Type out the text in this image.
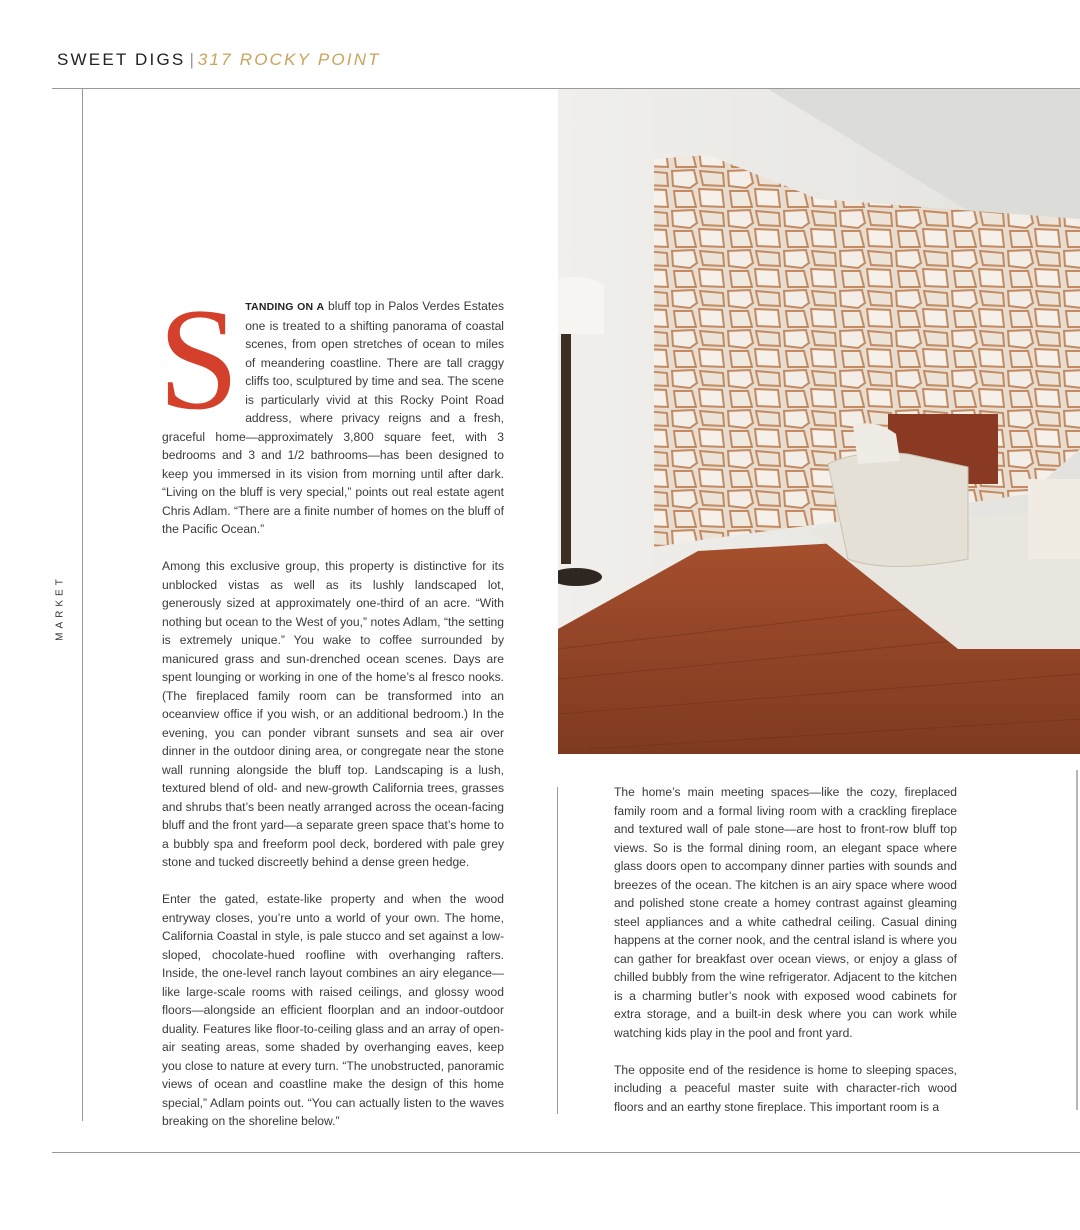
SWEET DIGS | 317 ROCKY POINT
MARKET

STANDING ON A bluff top in Palos Verdes Estates one is treated to a shifting panorama of coastal scenes, from open stretches of ocean to miles of meandering coastline. There are tall craggy cliffs too, sculptured by time and sea. The scene is particularly vivid at this Rocky Point Road address, where privacy reigns and a fresh, graceful home—approximately 3,800 square feet, with 3 bedrooms and 3 and 1/2 bathrooms—has been designed to keep you immersed in its vision from morning until after dark. “Living on the bluff is very special,” points out real estate agent Chris Adlam. “There are a finite number of homes on the bluff of the Pacific Ocean.”

Among this exclusive group, this property is distinctive for its unblocked vistas as well as its lushly landscaped lot, generously sized at approximately one-third of an acre. “With nothing but ocean to the West of you,” notes Adlam, “the setting is extremely unique.” You wake to coffee surrounded by manicured grass and sun-drenched ocean scenes. Days are spent lounging or working in one of the home’s al fresco nooks. (The fireplaced family room can be transformed into an oceanview office if you wish, or an additional bedroom.) In the evening, you can ponder vibrant sunsets and sea air over dinner in the outdoor dining area, or congregate near the stone wall running alongside the bluff top. Landscaping is a lush, textured blend of old- and new-growth California trees, grasses and shrubs that’s been neatly arranged across the ocean-facing bluff and the front yard—a separate green space that’s home to a bubbly spa and freeform pool deck, bordered with pale grey stone and tucked discreetly behind a dense green hedge.

Enter the gated, estate-like property and when the wood entryway closes, you’re unto a world of your own. The home, California Coastal in style, is pale stucco and set against a low-sloped, chocolate-hued roofline with overhanging rafters. Inside, the one-level ranch layout combines an airy elegance—like large-scale rooms with raised ceilings, and glossy wood floors—alongside an efficient floorplan and an indoor-outdoor duality. Features like floor-to-ceiling glass and an array of open-air seating areas, some shaded by overhanging eaves, keep you close to nature at every turn. “The unobstructed, panoramic views of ocean and coastline make the design of this home special,” Adlam points out. “You can actually listen to the waves breaking on the shoreline below.”

The home’s main meeting spaces—like the cozy, fireplaced family room and a formal living room with a crackling fireplace and textured wall of pale stone—are host to front-row bluff top views. So is the formal dining room, an elegant space where glass doors open to accompany dinner parties with sounds and breezes of the ocean. The kitchen is an airy space where wood and polished stone create a homey contrast against gleaming steel appliances and a white cathedral ceiling. Casual dining happens at the corner nook, and the central island is where you can gather for breakfast over ocean views, or enjoy a glass of chilled bubbly from the wine refrigerator. Adjacent to the kitchen is a charming butler’s nook with exposed wood cabinets for extra storage, and a built-in desk where you can work while watching kids play in the pool and front yard.

The opposite end of the residence is home to sleeping spaces, including a peaceful master suite with character-rich wood floors and an earthy stone fireplace. This important room is a
